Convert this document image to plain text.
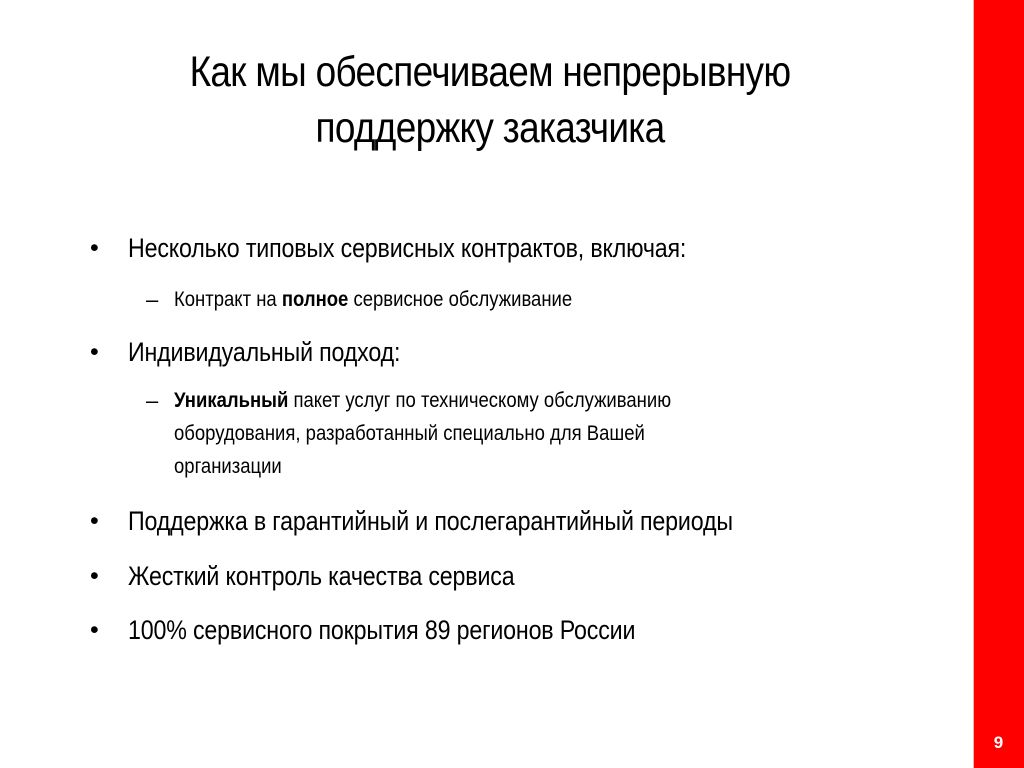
9
Как мы обеспечиваем непрерывную
поддержку заказчика
• Несколько типовых сервисных контрактов, включая:
– Контракт на полное сервисное обслуживание
• Индивидуальный подход:
– Уникальный пакет услуг по техническому обслуживанию
оборудования, разработанный специально для Вашей
организации
• Поддержка в гарантийный и послегарантийный периоды
• Жесткий контроль качества сервиса
• 100% сервисного покрытия 89 регионов России
